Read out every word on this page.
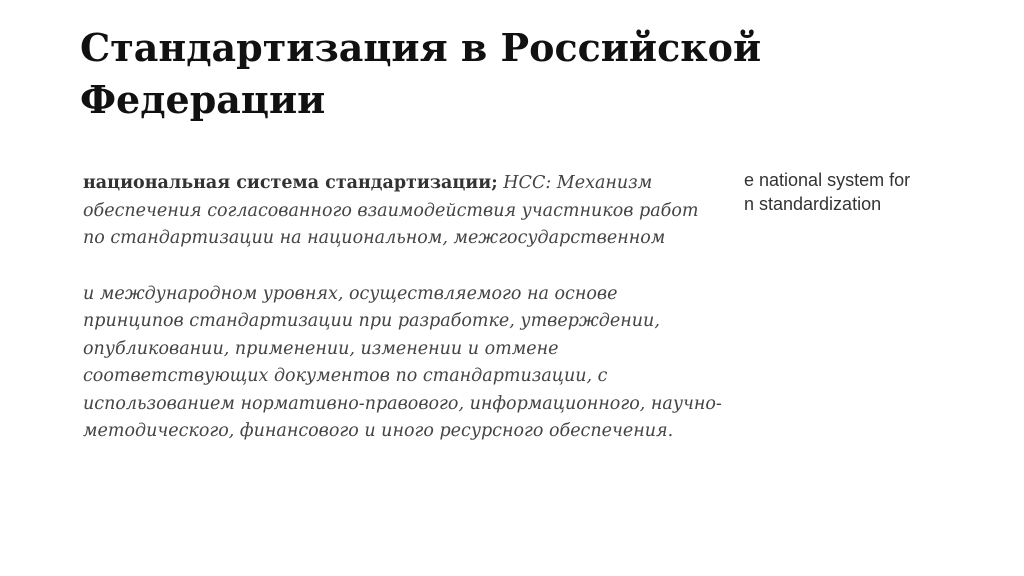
Стандартизация в Российской Федерации

национальная система стандартизации; НСС: Механизм обеспечения согласованного взаимодействия участников работ по стандартизации на национальном, межгосударственном

и международном уровнях, осуществляемого на основе принципов стандартизации при разработке, утверждении, опубликовании, применении, изменении и отмене соответствующих документов по стандартизации, с использованием нормативно-правового, информационного, научно-методического, финансового и иного ресурсного обеспечения.

e national system for
n standardization
